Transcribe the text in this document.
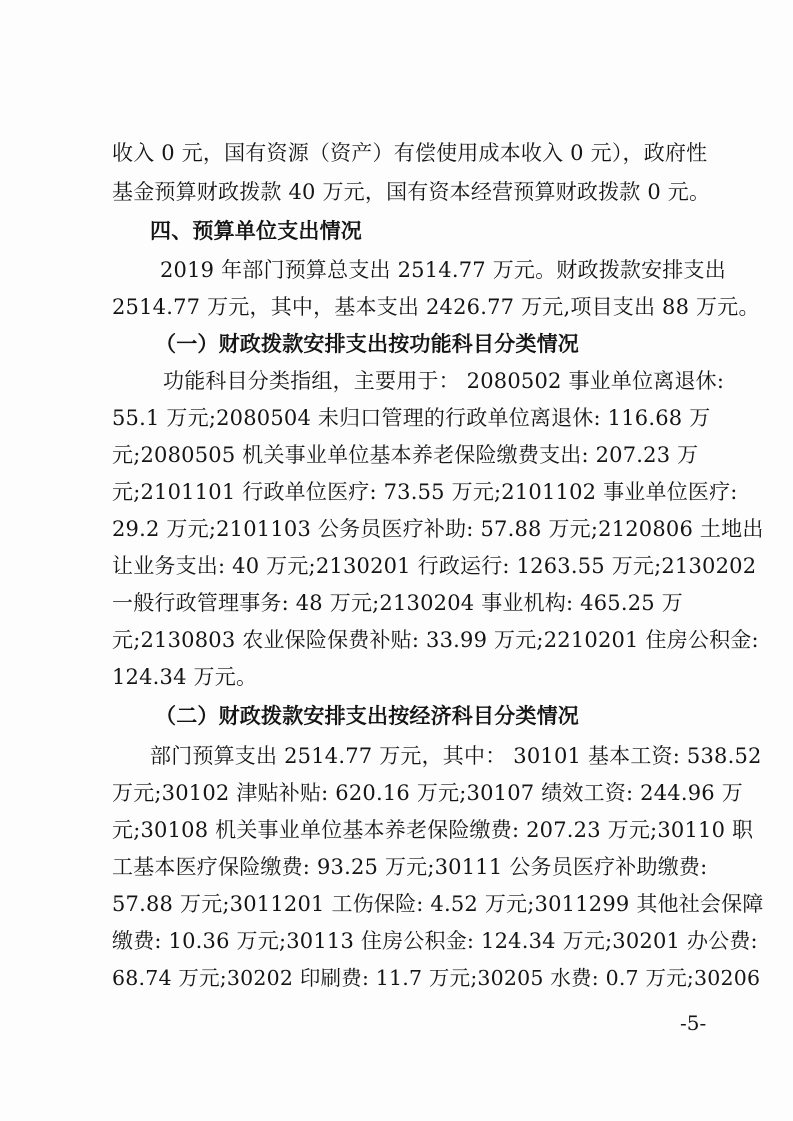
收入 0 元，国有资源（资产）有偿使用成本收入 0 元），政府性
基金预算财政拨款 40 万元，国有资本经营预算财政拨款 0 元。
四、预算单位支出情况
2019 年部门预算总支出 2514.77 万元。财政拨款安排支出
2514.77 万元，其中，基本支出 2426.77 万元,项目支出 88 万元。
（一）财政拨款安排支出按功能科目分类情况
功能科目分类指组，主要用于： 2080502 事业单位离退休:
55.1 万元;2080504 未归口管理的行政单位离退休: 116.68 万
元;2080505 机关事业单位基本养老保险缴费支出: 207.23 万
元;2101101 行政单位医疗: 73.55 万元;2101102 事业单位医疗:
29.2 万元;2101103 公务员医疗补助: 57.88 万元;2120806 土地出
让业务支出: 40 万元;2130201 行政运行: 1263.55 万元;2130202
一般行政管理事务: 48 万元;2130204 事业机构: 465.25 万
元;2130803 农业保险保费补贴: 33.99 万元;2210201 住房公积金:
124.34 万元。
（二）财政拨款安排支出按经济科目分类情况
部门预算支出 2514.77 万元，其中： 30101 基本工资: 538.52
万元;30102 津贴补贴: 620.16 万元;30107 绩效工资: 244.96 万
元;30108 机关事业单位基本养老保险缴费: 207.23 万元;30110 职
工基本医疗保险缴费: 93.25 万元;30111 公务员医疗补助缴费:
57.88 万元;3011201 工伤保险: 4.52 万元;3011299 其他社会保障
缴费: 10.36 万元;30113 住房公积金: 124.34 万元;30201 办公费:
68.74 万元;30202 印刷费: 11.7 万元;30205 水费: 0.7 万元;30206
-5-
